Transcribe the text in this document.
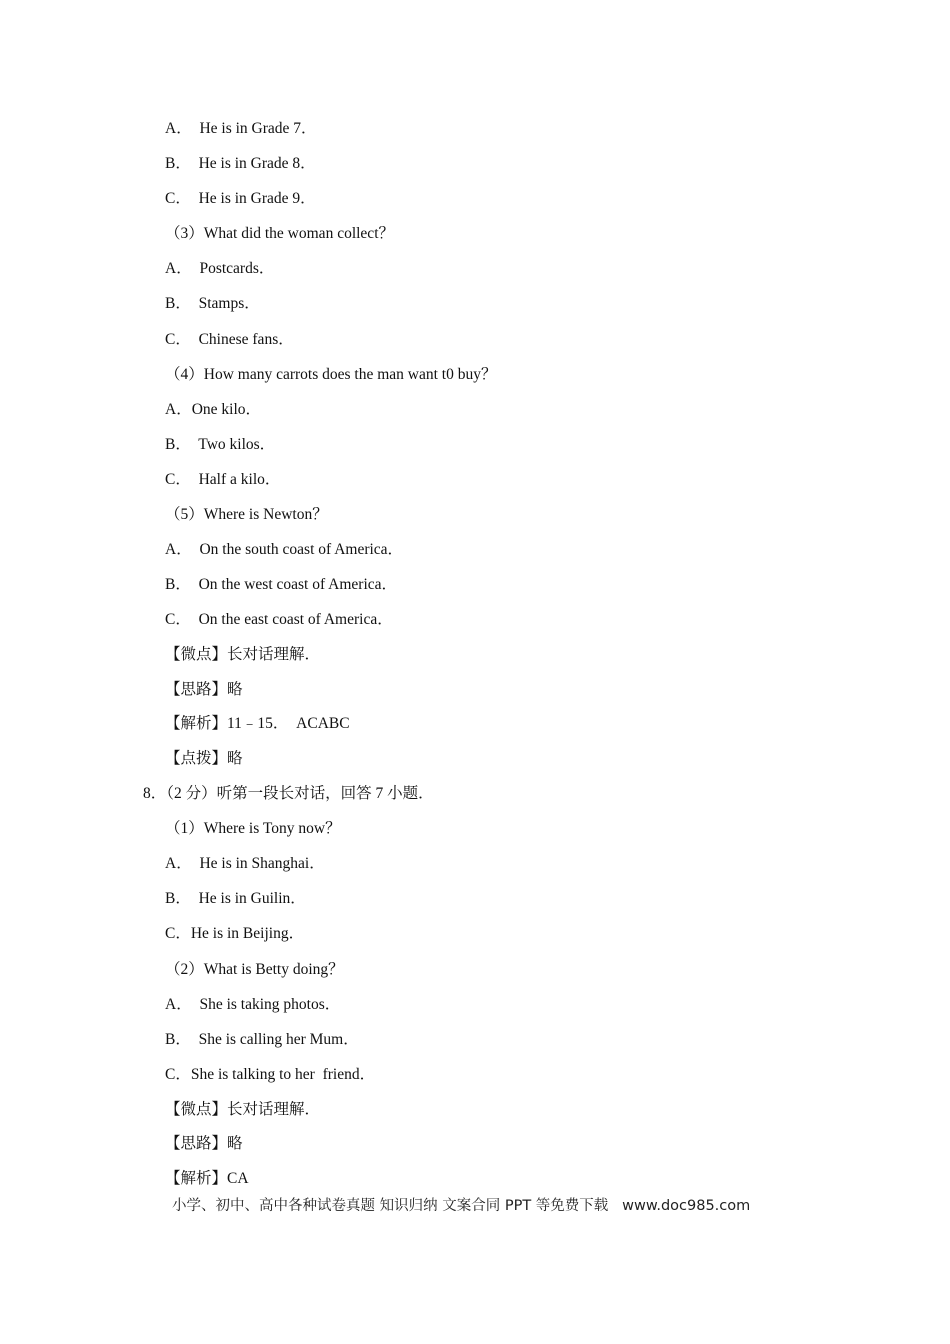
A．  He is in Grade 7．
B．  He is in Grade 8．
C．  He is in Grade 9．
（3）What did the woman collect？
A．  Postcards．
B．  Stamps．
C．  Chinese fans．
（4）How many carrots does the man want t0 buy？
A．One kilo．
B．  Two kilos．
C．  Half a kilo．
（5）Where is Newton？
A．  On the south coast of America．
B．  On the west coast of America．
C．  On the east coast of America．
【微点】长对话理解．
【思路】略
【解析】11﹣15．  ACABC
【点拨】略
8．（2 分）听第一段长对话，回答 7 小题．
（1）Where is Tony now？
A．  He is in Shanghai．
B．  He is in Guilin．
C．He is in Beijing．
（2）What is Betty doing？
A．  She is taking photos．
B．  She is calling her Mum．
C．She is talking to her  friend．
【微点】长对话理解．
【思路】略
【解析】CA
小学、初中、高中各种试卷真题 知识归纳 文案合同 PPT 等免费下载   www.doc985.com
